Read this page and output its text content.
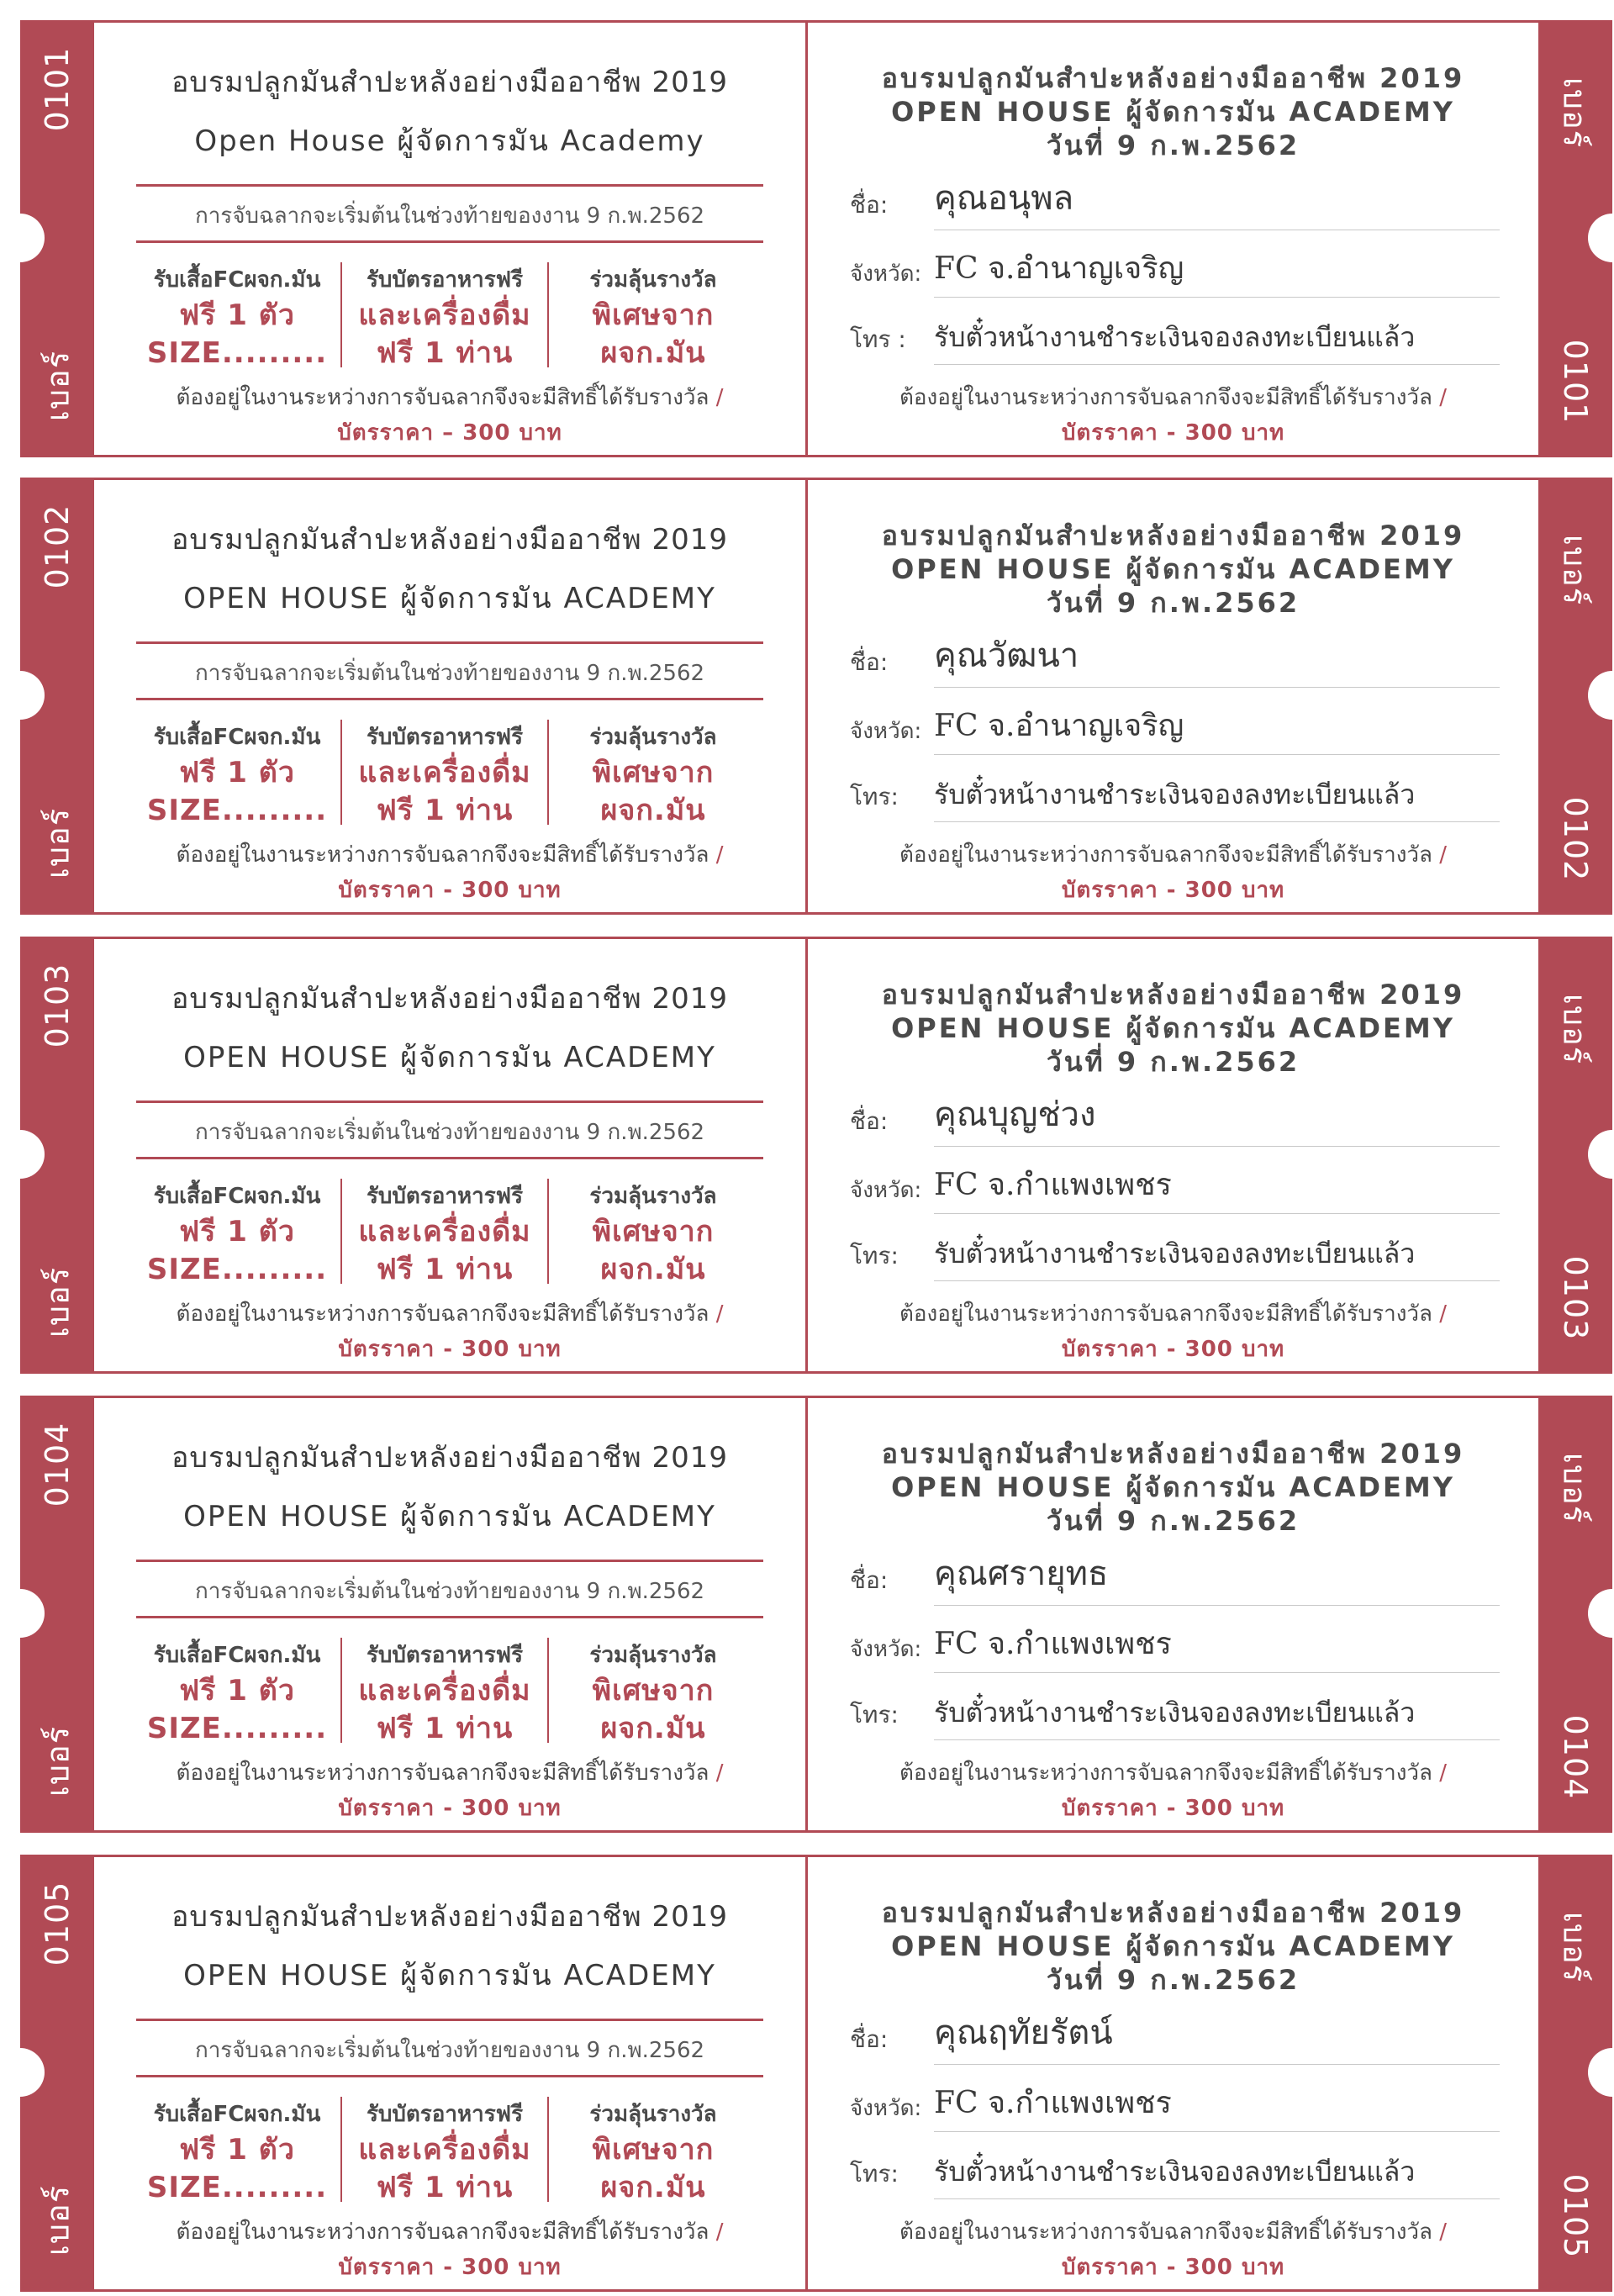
0101
เบอร์
อบรมปลูกมันสำปะหลังอย่างมืออาชีพ 2019
Open House ผู้จัดการมัน Academy
การจับฉลากจะเริ่มต้นในช่วงท้ายของงาน 9 ก.พ.2562
รับเสื้อFCผจก.มัน
ฟรี 1 ตัว
SIZE.........
รับบัตรอาหารฟรี
และเครื่องดื่ม
ฟรี 1 ท่าน
ร่วมลุ้นรางวัล
พิเศษจาก
ผจก.มัน
ต้องอยู่ในงานระหว่างการจับฉลากจึงจะมีสิทธิ์ได้รับรางวัล /
บัตรราคา – 300 บาท
อบรมปลูกมันสำปะหลังอย่างมืออาชีพ 2019
OPEN HOUSE ผู้จัดการมัน ACADEMY
วันที่ 9 ก.พ.2562
ชื่อ: คุณอนุพล
จังหวัด: FC จ.อำนาญเจริญ
โทร : รับตั๋วหน้างานชำระเงินจองลงทะเบียนแล้ว
ต้องอยู่ในงานระหว่างการจับฉลากจึงจะมีสิทธิ์ได้รับรางวัล /
บัตรราคา - 300 บาท
เบอร์
0101
0102
เบอร์
อบรมปลูกมันสำปะหลังอย่างมืออาชีพ 2019
OPEN HOUSE ผู้จัดการมัน ACADEMY
การจับฉลากจะเริ่มต้นในช่วงท้ายของงาน 9 ก.พ.2562
รับเสื้อFCผจก.มัน
ฟรี 1 ตัว
SIZE.........
รับบัตรอาหารฟรี
และเครื่องดื่ม
ฟรี 1 ท่าน
ร่วมลุ้นรางวัล
พิเศษจาก
ผจก.มัน
ต้องอยู่ในงานระหว่างการจับฉลากจึงจะมีสิทธิ์ได้รับรางวัล /
บัตรราคา - 300 บาท
อบรมปลูกมันสำปะหลังอย่างมืออาชีพ 2019
OPEN HOUSE ผู้จัดการมัน ACADEMY
วันที่ 9 ก.พ.2562
ชื่อ: คุณวัฒนา
จังหวัด: FC จ.อำนาญเจริญ
โทร: รับตั๋วหน้างานชำระเงินจองลงทะเบียนแล้ว
ต้องอยู่ในงานระหว่างการจับฉลากจึงจะมีสิทธิ์ได้รับรางวัล /
บัตรราคา - 300 บาท
เบอร์
0102
0103
เบอร์
อบรมปลูกมันสำปะหลังอย่างมืออาชีพ 2019
OPEN HOUSE ผู้จัดการมัน ACADEMY
การจับฉลากจะเริ่มต้นในช่วงท้ายของงาน 9 ก.พ.2562
รับเสื้อFCผจก.มัน
ฟรี 1 ตัว
SIZE.........
รับบัตรอาหารฟรี
และเครื่องดื่ม
ฟรี 1 ท่าน
ร่วมลุ้นรางวัล
พิเศษจาก
ผจก.มัน
ต้องอยู่ในงานระหว่างการจับฉลากจึงจะมีสิทธิ์ได้รับรางวัล /
บัตรราคา - 300 บาท
อบรมปลูกมันสำปะหลังอย่างมืออาชีพ 2019
OPEN HOUSE ผู้จัดการมัน ACADEMY
วันที่ 9 ก.พ.2562
ชื่อ: คุณบุญช่วง
จังหวัด: FC จ.กำแพงเพชร
โทร: รับตั๋วหน้างานชำระเงินจองลงทะเบียนแล้ว
ต้องอยู่ในงานระหว่างการจับฉลากจึงจะมีสิทธิ์ได้รับรางวัล /
บัตรราคา - 300 บาท
เบอร์
0103
0104
เบอร์
อบรมปลูกมันสำปะหลังอย่างมืออาชีพ 2019
OPEN HOUSE ผู้จัดการมัน ACADEMY
การจับฉลากจะเริ่มต้นในช่วงท้ายของงาน 9 ก.พ.2562
รับเสื้อFCผจก.มัน
ฟรี 1 ตัว
SIZE.........
รับบัตรอาหารฟรี
และเครื่องดื่ม
ฟรี 1 ท่าน
ร่วมลุ้นรางวัล
พิเศษจาก
ผจก.มัน
ต้องอยู่ในงานระหว่างการจับฉลากจึงจะมีสิทธิ์ได้รับรางวัล /
บัตรราคา - 300 บาท
อบรมปลูกมันสำปะหลังอย่างมืออาชีพ 2019
OPEN HOUSE ผู้จัดการมัน ACADEMY
วันที่ 9 ก.พ.2562
ชื่อ: คุณศรายุทธ
จังหวัด: FC จ.กำแพงเพชร
โทร: รับตั๋วหน้างานชำระเงินจองลงทะเบียนแล้ว
ต้องอยู่ในงานระหว่างการจับฉลากจึงจะมีสิทธิ์ได้รับรางวัล /
บัตรราคา - 300 บาท
เบอร์
0104
0105
เบอร์
อบรมปลูกมันสำปะหลังอย่างมืออาชีพ 2019
OPEN HOUSE ผู้จัดการมัน ACADEMY
การจับฉลากจะเริ่มต้นในช่วงท้ายของงาน 9 ก.พ.2562
รับเสื้อFCผจก.มัน
ฟรี 1 ตัว
SIZE.........
รับบัตรอาหารฟรี
และเครื่องดื่ม
ฟรี 1 ท่าน
ร่วมลุ้นรางวัล
พิเศษจาก
ผจก.มัน
ต้องอยู่ในงานระหว่างการจับฉลากจึงจะมีสิทธิ์ได้รับรางวัล /
บัตรราคา - 300 บาท
อบรมปลูกมันสำปะหลังอย่างมืออาชีพ 2019
OPEN HOUSE ผู้จัดการมัน ACADEMY
วันที่ 9 ก.พ.2562
ชื่อ: คุณฤทัยรัตน์
จังหวัด: FC จ.กำแพงเพชร
โทร: รับตั๋วหน้างานชำระเงินจองลงทะเบียนแล้ว
ต้องอยู่ในงานระหว่างการจับฉลากจึงจะมีสิทธิ์ได้รับรางวัล /
บัตรราคา - 300 บาท
เบอร์
0105
